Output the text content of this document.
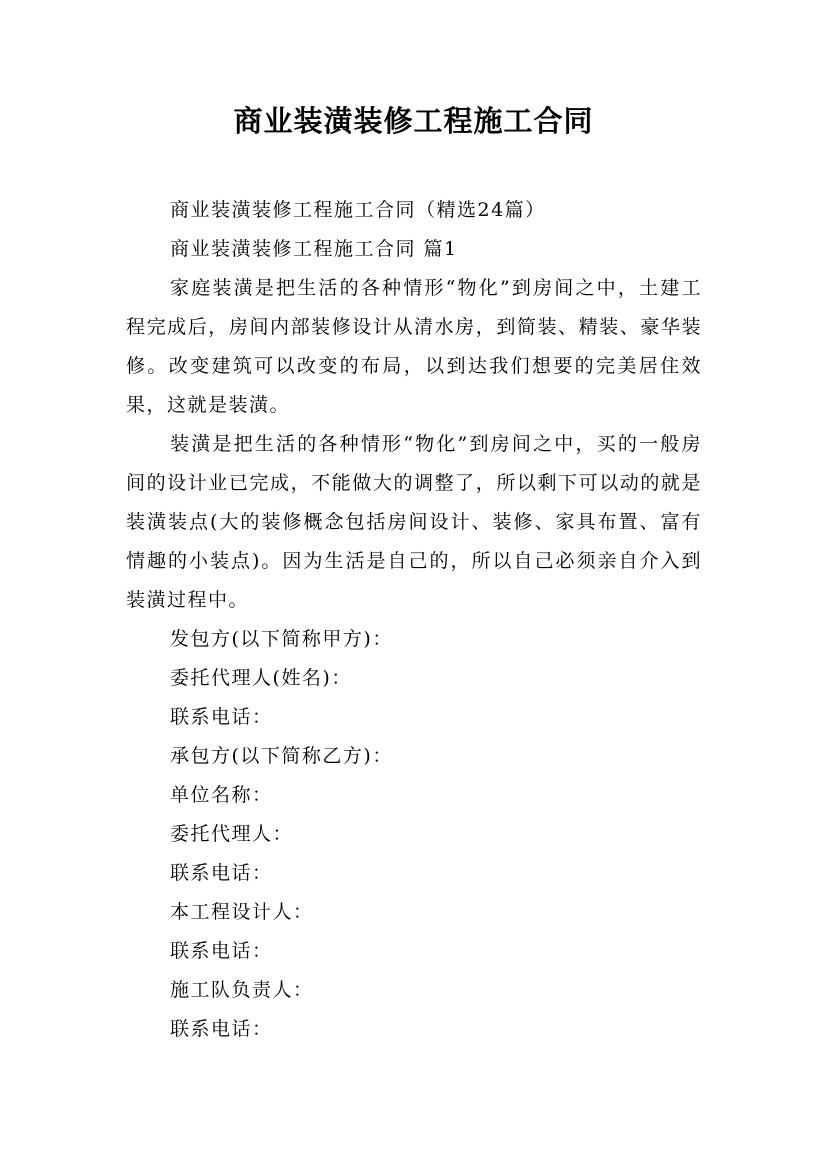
商业装潢装修工程施工合同
商业装潢装修工程施工合同（精选24篇）
商业装潢装修工程施工合同 篇1
家庭装潢是把生活的各种情形“物化”到房间之中，土建工程完成后，房间内部装修设计从清水房，到简装、精装、豪华装修。改变建筑可以改变的布局，以到达我们想要的完美居住效果，这就是装潢。
装潢是把生活的各种情形“物化”到房间之中，买的一般房间的设计业已完成，不能做大的调整了，所以剩下可以动的就是装潢装点(大的装修概念包括房间设计、装修、家具布置、富有情趣的小装点)。因为生活是自己的，所以自己必须亲自介入到装潢过程中。
发包方(以下简称甲方)：
委托代理人(姓名)：
联系电话：
承包方(以下简称乙方)：
单位名称：
委托代理人：
联系电话：
本工程设计人：
联系电话：
施工队负责人：
联系电话：
